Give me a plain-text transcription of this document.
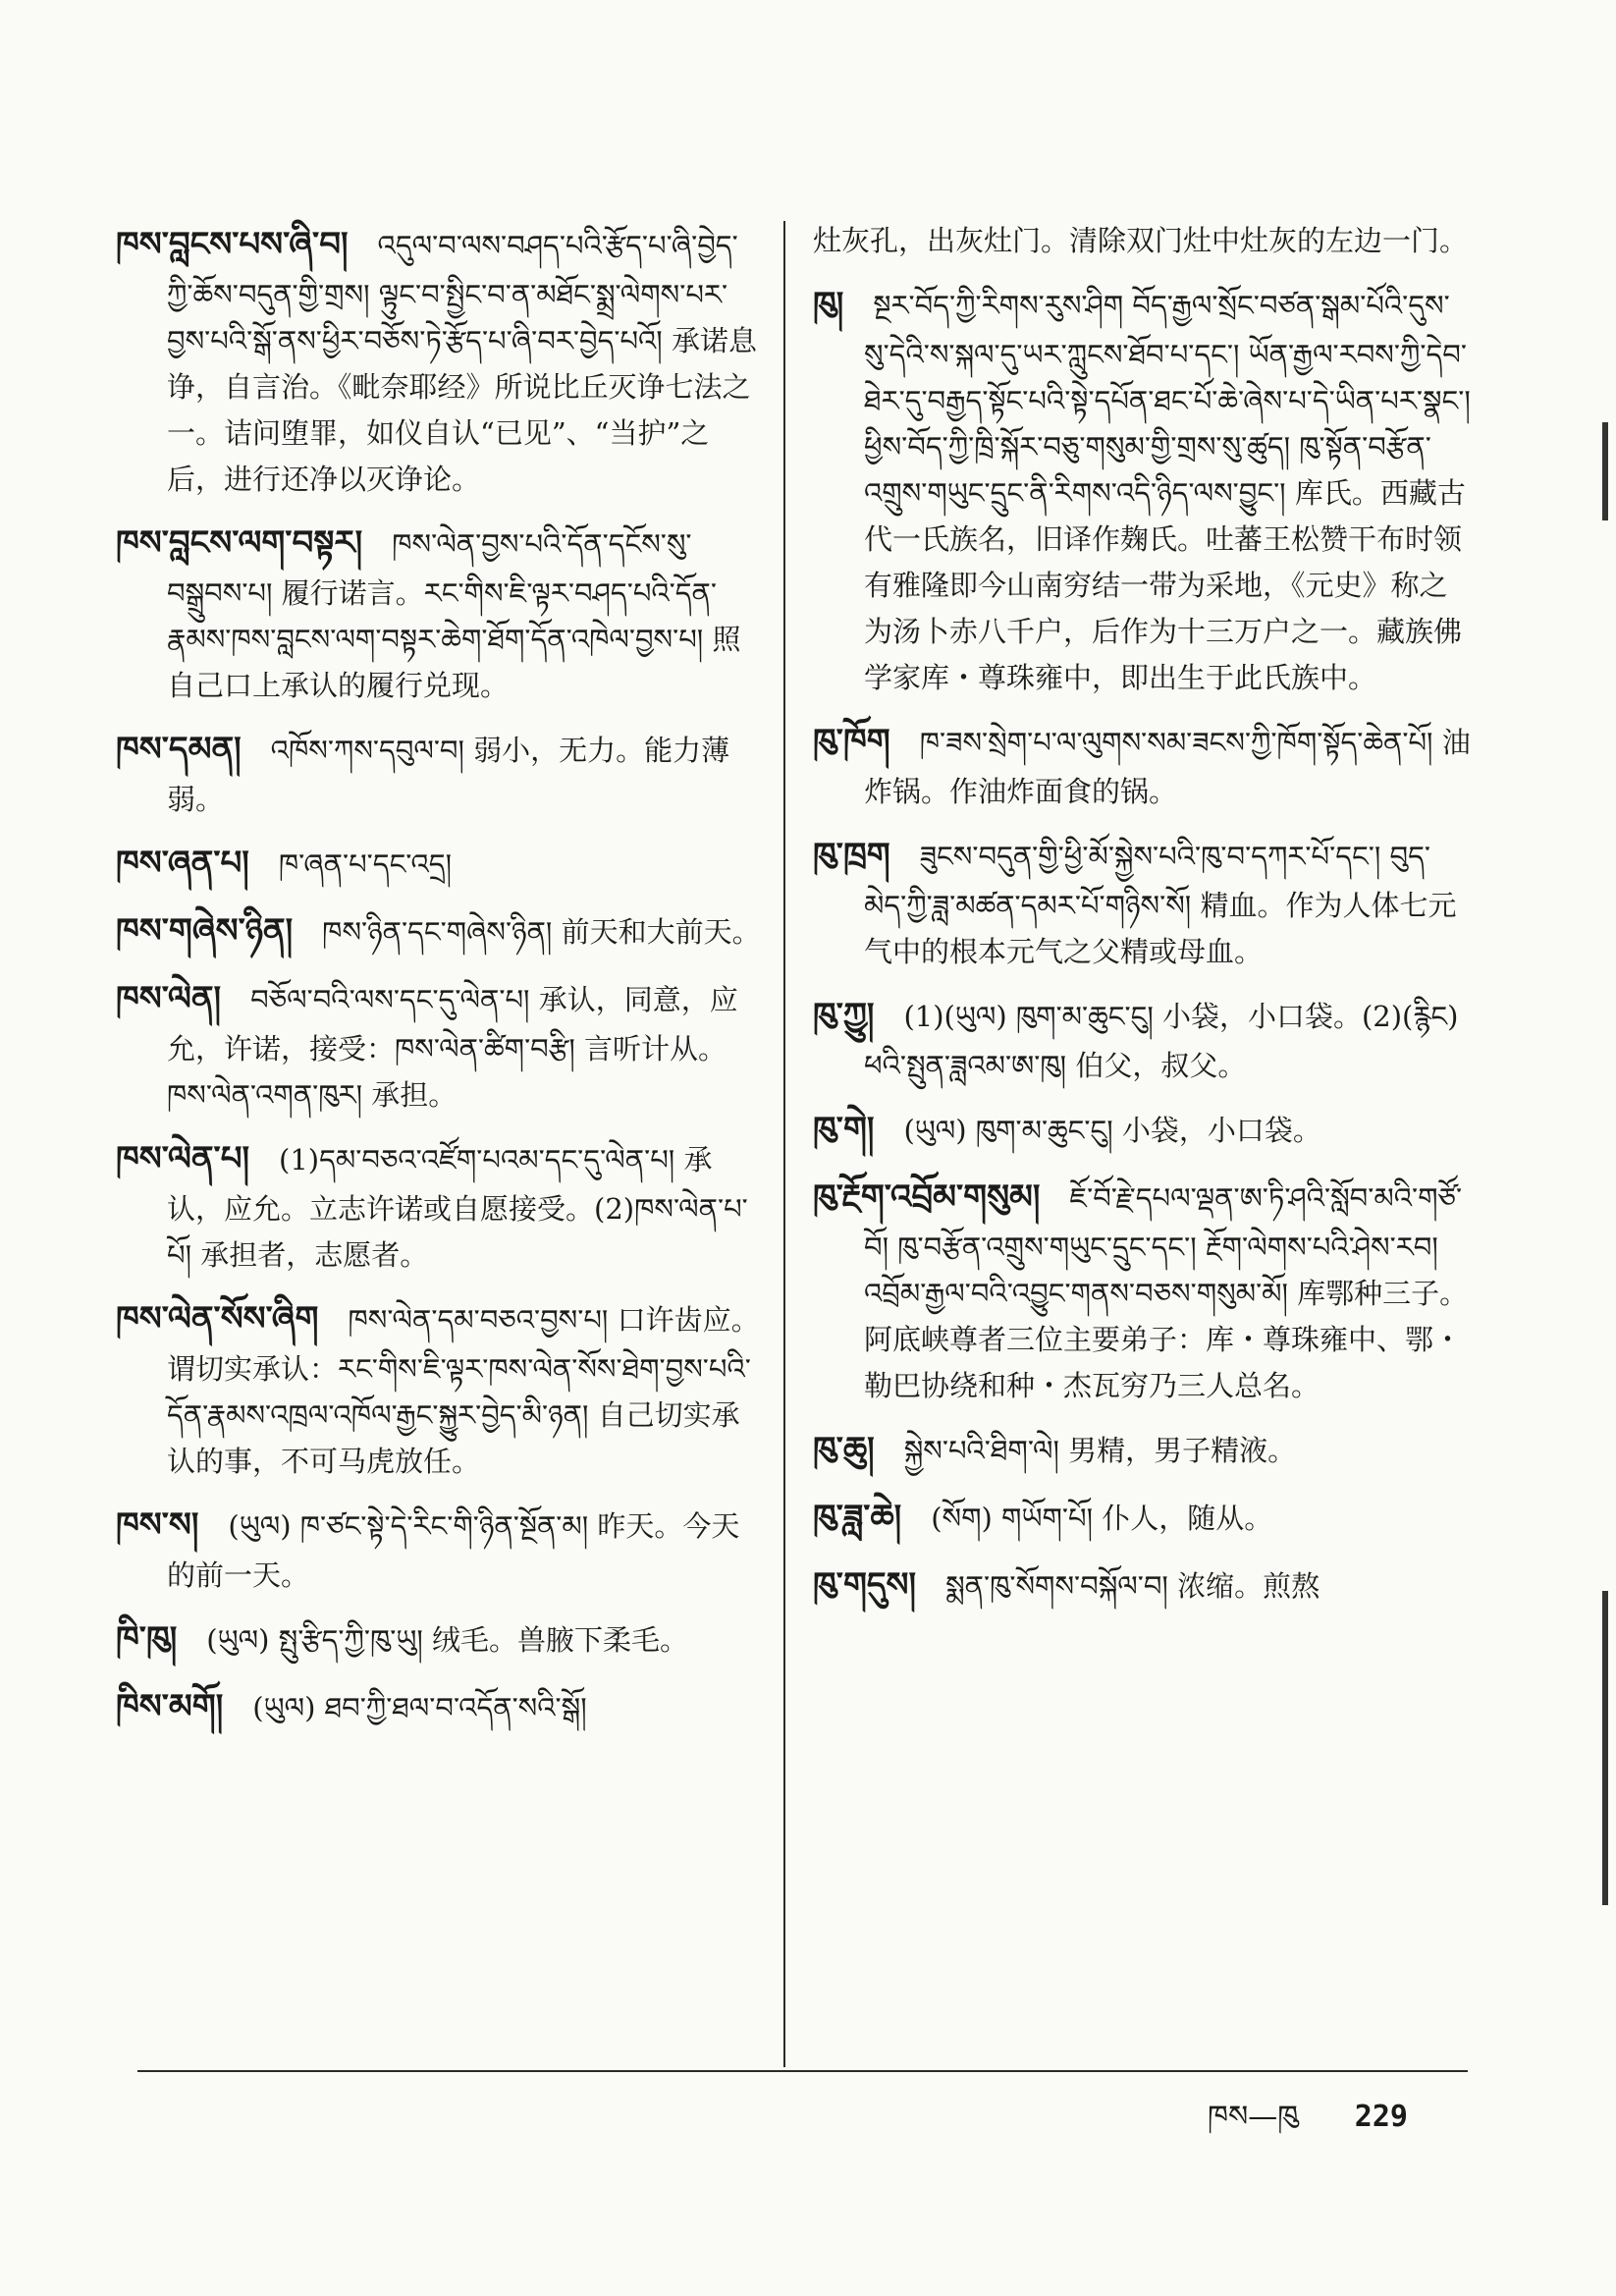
ཁས་བླངས་པས་ཞི་བ། འདུལ་བ་ལས་བཤད་པའི་རྩོད་པ་ཞི་བྱེད་ཀྱི་ཆོས་བདུན་གྱི་གྲས། ལྟུང་བ་སྤྱིང་བ་ན་མཐོང་སྨྲ་ལེགས་པར་བྱས་པའི་སྒོ་ནས་ཕྱིར་བཅོས་ཏེ་རྩོད་པ་ཞི་བར་བྱེད་པའོ། 承诺息诤，自言治。《毗奈耶经》所说比丘灭诤七法之一。诘问堕罪，如仪自认“已见”、“当护”之后，进行还净以灭诤论。
ཁས་བླངས་ལག་བསྟར། ཁས་ལེན་བྱས་པའི་དོན་དངོས་སུ་བསྒྲུབས་པ། 履行诺言。རང་གིས་ཇི་ལྟར་བཤད་པའི་དོན་རྣམས་ཁས་བླངས་ལག་བསྟར་ཆེག་ཐོག་དོན་འཁེལ་བྱས་པ། 照自己口上承认的履行兑现。
ཁས་དམན། འཁོས་ཀས་དབུལ་བ། 弱小，无力。能力薄弱。
ཁས་ཞན་པ། ཁ་ཞན་པ་དང་འདྲ།
ཁས་གཞེས་ཉིན། ཁས་ཉིན་དང་གཞེས་ཉིན། 前天和大前天。
ཁས་ལེན། བཅོལ་བའི་ལས་དང་དུ་ལེན་པ། 承认，同意，应允，许诺，接受：ཁས་ལེན་ཚིག་བརྩི། 言听计从。ཁས་ལེན་འགན་ཁུར། 承担。
ཁས་ལེན་པ། (1)དམ་བཅའ་འཛོག་པའམ་དང་དུ་ལེན་པ། 承认，应允。立志许诺或自愿接受。(2)ཁས་ལེན་པ་པོ། 承担者，志愿者。
ཁས་ལེན་སོས་ཞིག ཁས་ལེན་དམ་བཅའ་བྱས་པ། 口许齿应。谓切实承认：རང་གིས་ཇི་ལྟར་ཁས་ལེན་སོས་ཐེག་བྱས་པའི་དོན་རྣམས་འཁྲལ་འཁོལ་རྒྱང་སྐྱུར་བྱེད་མི་ཉན། 自己切实承认的事，不可马虎放任。
ཁས་ས། (ཡུལ) ཁ་ཙང་སྟེ་དེ་རིང་གི་ཉིན་སྔོན་མ། 昨天。今天的前一天。
ཁི་ཁུ། (ཡུལ) སྤུ་རྩིད་ཀྱི་ཁུ་ཡུ། 绒毛。兽腋下柔毛。
ཁིས་མགོ། (ཡུལ) ཐབ་ཀྱི་ཐལ་བ་འདོན་སའི་སྒོ།
灶灰孔，出灰灶门。清除双门灶中灶灰的左边一门。
ཁུ། སྔར་བོད་ཀྱི་རིགས་རུས་ཤིག བོད་རྒྱལ་སྲོང་བཙན་སྒམ་པོའི་དུས་སུ་དེའི་ས་སྐལ་དུ་ཡར་ཀླུངས་ཐོབ་པ་དང་། ཡོན་རྒྱལ་རབས་ཀྱི་དེབ་ཐེར་དུ་བརྒྱད་སྟོང་པའི་སྟེ་དཔོན་ཐང་པོ་ཆེ་ཞེས་པ་དེ་ཡིན་པར་སྣང་། ཕྱིས་བོད་ཀྱི་ཁྲི་སྐོར་བཅུ་གསུམ་གྱི་གྲས་སུ་ཚུད། ཁུ་སྟོན་བརྩོན་འགྲུས་གཡུང་དྲུང་ནི་རིགས་འདི་ཉིད་ལས་བྱུང་། 库氏。西藏古代一氏族名，旧译作麹氏。吐蕃王松赞干布时领有雅隆即今山南穷结一带为采地，《元史》称之为汤卜赤八千户，后作为十三万户之一。藏族佛学家库・尊珠雍中，即出生于此氏族中。
ཁུ་ཁོག ཁ་ཟས་སྲེག་པ་ལ་ལུགས་སམ་ཟངས་ཀྱི་ཁོག་སྟོད་ཆེན་པོ། 油炸锅。作油炸面食的锅。
ཁུ་ཁྲག ཟུངས་བདུན་གྱི་ཕྱི་མོ་སྐྱེས་པའི་ཁུ་བ་དཀར་པོ་དང་། བུད་མེད་ཀྱི་ཟླ་མཚན་དམར་པོ་གཉིས་སོ། 精血。作为人体七元气中的根本元气之父精或母血。
ཁུ་ཀྱུ། (1)(ཡུལ) ཁུག་མ་ཆུང་ངུ། 小袋，小口袋。(2)(རྙིང) ཕའི་སྤུན་ཟླའམ་ཨ་ཁུ། 伯父，叔父。
ཁུ་གེ། (ཡུལ) ཁུག་མ་ཆུང་ངུ། 小袋，小口袋。
ཁུ་རྔོག་འབྲོམ་གསུམ། ཇོ་བོ་རྗེ་དཔལ་ལྡན་ཨ་ཏི་ཤའི་སློབ་མའི་གཙོ་བོ། ཁུ་བརྩོན་འགྲུས་གཡུང་དྲུང་དང་། རྔོག་ལེགས་པའི་ཤེས་རབ། འབྲོམ་རྒྱལ་བའི་འབྱུང་གནས་བཅས་གསུམ་མོ། 库鄂种三子。阿底峡尊者三位主要弟子：库・尊珠雍中、鄂・勒巴协绕和种・杰瓦穷乃三人总名。
ཁུ་ཆུ། སྐྱེས་པའི་ཐིག་ལེ། 男精，男子精液。
ཁུ་ཟླ་ཆེ། (སོག) གཡོག་པོ། 仆人，随从。
ཁུ་གདུས། སྨན་ཁུ་སོགས་བསྐོལ་བ། 浓缩。煎熬
ཁས—ཁུ 229
